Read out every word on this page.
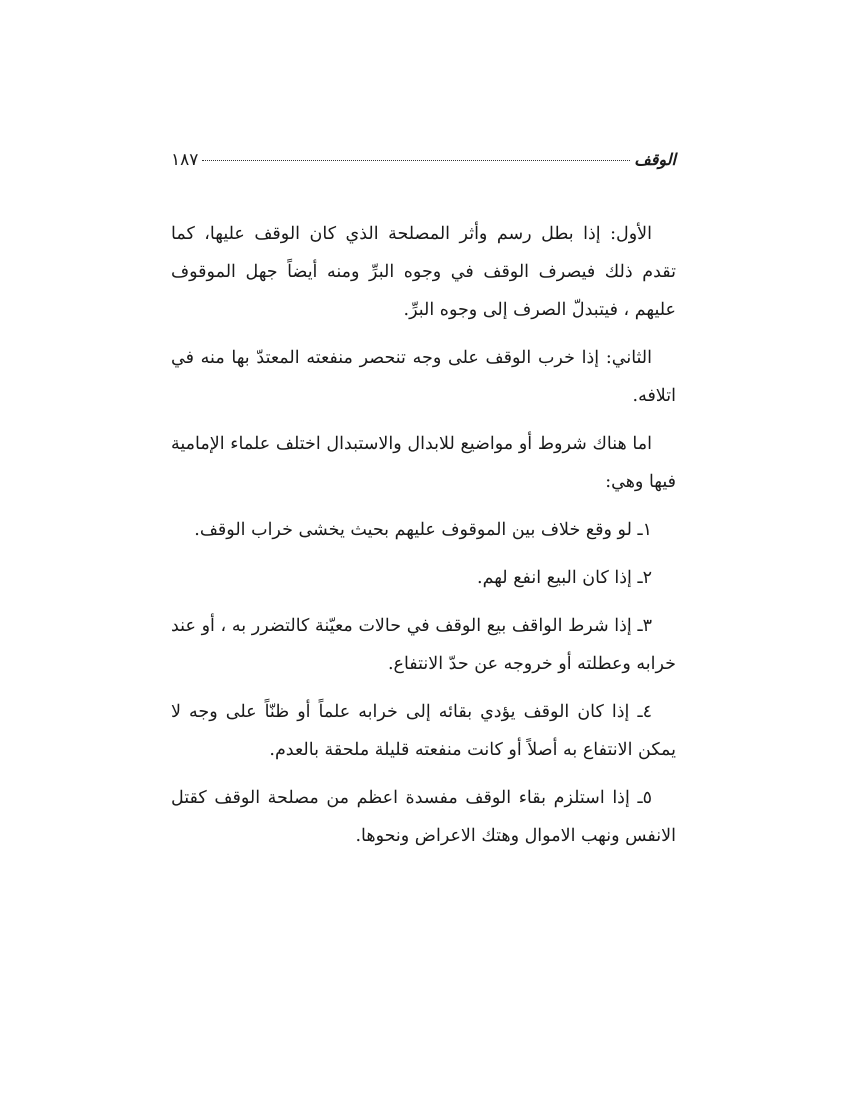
الوقف
١٨٧

الأول: إذا بطل رسم وأثر المصلحة الذي كان الوقف عليها، كما تقدم ذلك فيصرف الوقف في وجوه البرِّ ومنه أيضاً جهل الموقوف عليهم ، فيتبدلّ الصرف إلى وجوه البرِّ.

الثاني: إذا خرب الوقف على وجه تنحصر منفعته المعتدّ بها منه في اتلافه.

اما هناك شروط أو مواضيع للابدال والاستبدال اختلف علماء الإمامية فيها وهي:

١ـ لو وقع خلاف بين الموقوف عليهم بحيث يخشى خراب الوقف.

٢ـ إذا كان البيع انفع لهم.

٣ـ إذا شرط الواقف بيع الوقف في حالات معيّنة كالتضرر به ، أو عند خرابه وعطلته أو خروجه عن حدّ الانتفاع.

٤ـ إذا كان الوقف يؤدي بقائه إلى خرابه علماً أو ظنّاً على وجه لا يمكن الانتفاع به أصلاً أو كانت منفعته قليلة ملحقة بالعدم.

٥ـ إذا استلزم بقاء الوقف مفسدة اعظم من مصلحة الوقف كقتل الانفس ونهب الاموال وهتك الاعراض ونحوها.
